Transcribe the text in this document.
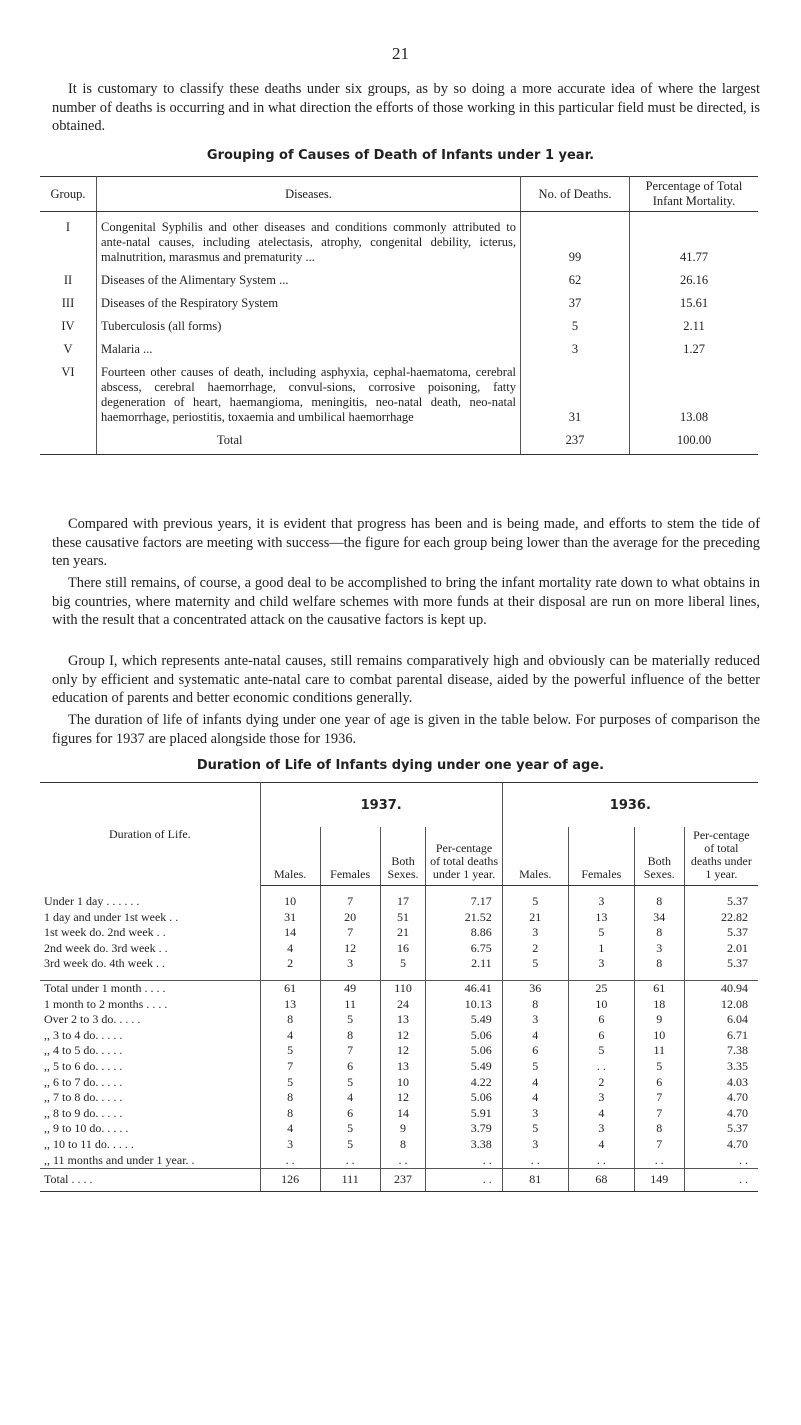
21

It is customary to classify these deaths under six groups, as by so doing a more accurate idea of where the largest number of deaths is occurring and in what direction the efforts of those working in this particular field must be directed, is obtained.

Grouping of Causes of Death of Infants under 1 year.
Group.	Diseases.	No. of Deaths.	Percentage of Total Infant Mortality.
I	Congenital Syphilis and other diseases and conditions commonly attributed to ante-natal causes, including atelectasis, atrophy, congenital debility, icterus, malnutrition, marasmus and prematurity ...	99	41.77
II	Diseases of the Alimentary System ...	62	26.16
III	Diseases of the Respiratory System	37	15.61
IV	Tuberculosis (all forms)	5	2.11
V	Malaria ...	3	1.27
VI	Fourteen other causes of death, including asphyxia, cephal-haematoma, cerebral abscess, cerebral haemorrhage, convul-sions, corrosive poisoning, fatty degeneration of heart, haemangioma, meningitis, neo-natal death, neo-natal haemorrhage, periostitis, toxaemia and umbilical haemorrhage	31	13.08
	Total	237	100.00

Compared with previous years, it is evident that progress has been and is being made, and efforts to stem the tide of these causative factors are meeting with success—the figure for each group being lower than the average for the preceding ten years.

There still remains, of course, a good deal to be accomplished to bring the infant mortality rate down to what obtains in big countries, where maternity and child welfare schemes with more funds at their disposal are run on more liberal lines, with the result that a concentrated attack on the causative factors is kept up.

Group I, which represents ante-natal causes, still remains comparatively high and obviously can be materially reduced only by efficient and systematic ante-natal care to combat parental disease, aided by the powerful influence of the better education of parents and better economic conditions generally.

The duration of life of infants dying under one year of age is given in the table below. For purposes of comparison the figures for 1937 are placed alongside those for 1936.

Duration of Life of Infants dying under one year of age.
Duration of Life.	1937.				1936.			
	Males.	Females	Both Sexes.	Per-centage of total deaths under 1 year.	Males.	Females	Both Sexes.	Per-centage of total deaths under 1 year.

Under 1 day . . . . . .	10	7	17	7.17	5	3	8	5.37
1 day and under 1st week . .	31	20	51	21.52	21	13	34	22.82
1st week do. 2nd week . .	14	7	21	8.86	3	5	8	5.37
2nd week do. 3rd week . .	4	12	16	6.75	2	1	3	2.01
3rd week do. 4th week . .	2	3	5	2.11	5	3	8	5.37

Total under 1 month . . . .	61	49	110	46.41	36	25	61	40.94
1 month to 2 months . . . .	13	11	24	10.13	8	10	18	12.08
Over 2 to 3 do. . . . .	8	5	13	5.49	3	6	9	6.04
,, 3 to 4 do. . . . .	4	8	12	5.06	4	6	10	6.71
,, 4 to 5 do. . . . .	5	7	12	5.06	6	5	11	7.38
,, 5 to 6 do. . . . .	7	6	13	5.49	5	. .	5	3.35
,, 6 to 7 do. . . . .	5	5	10	4.22	4	2	6	4.03
,, 7 to 8 do. . . . .	8	4	12	5.06	4	3	7	4.70
,, 8 to 9 do. . . . .	8	6	14	5.91	3	4	7	4.70
,, 9 to 10 do. . . . .	4	5	9	3.79	5	3	8	5.37
,, 10 to 11 do. . . . .	3	5	8	3.38	3	4	7	4.70
,, 11 months and under 1 year. .	. .	. .	. .	. .	. .	. .	. .	. .
Total . . . .	126	111	237	. .	81	68	149	. .
